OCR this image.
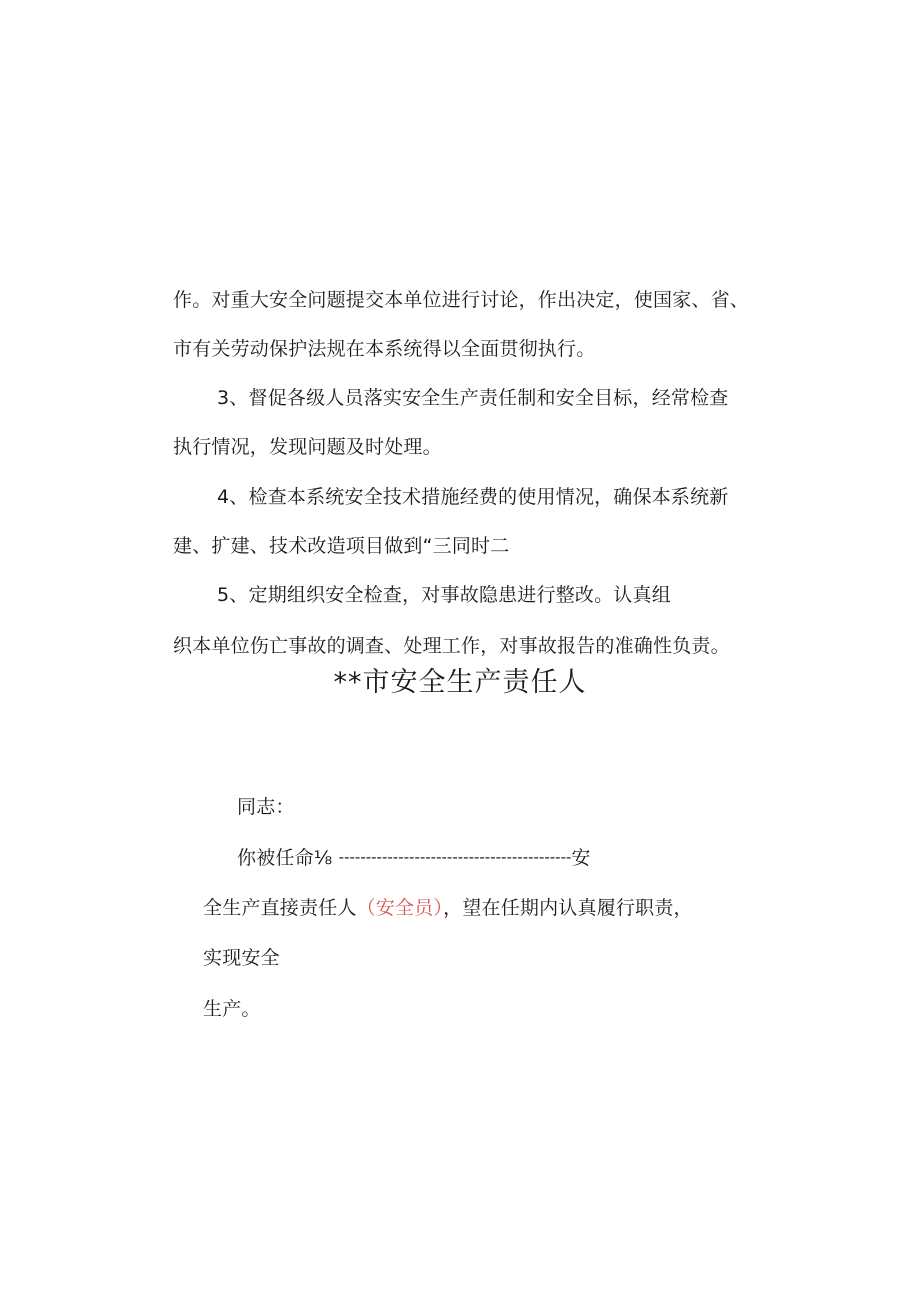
作。对重大安全问题提交本单位进行讨论，作出决定，使国家、省、
市有关劳动保护法规在本系统得以全面贯彻执行。
3、督促各级人员落实安全生产责任制和安全目标，经常检查
执行情况，发现问题及时处理。
4、检查本系统安全技术措施经费的使用情况，确保本系统新
建、扩建、技术改造项目做到“三同时二
5、定期组织安全检查，对事故隐患进行整改。认真组
织本单位伤亡事故的调查、处理工作，对事故报告的准确性负责。
**市安全生产责任人
同志：
你被任命⅛ -------------------------------------------安
全生产直接责任人（安全员），望在任期内认真履行职责，
实现安全
生产。
